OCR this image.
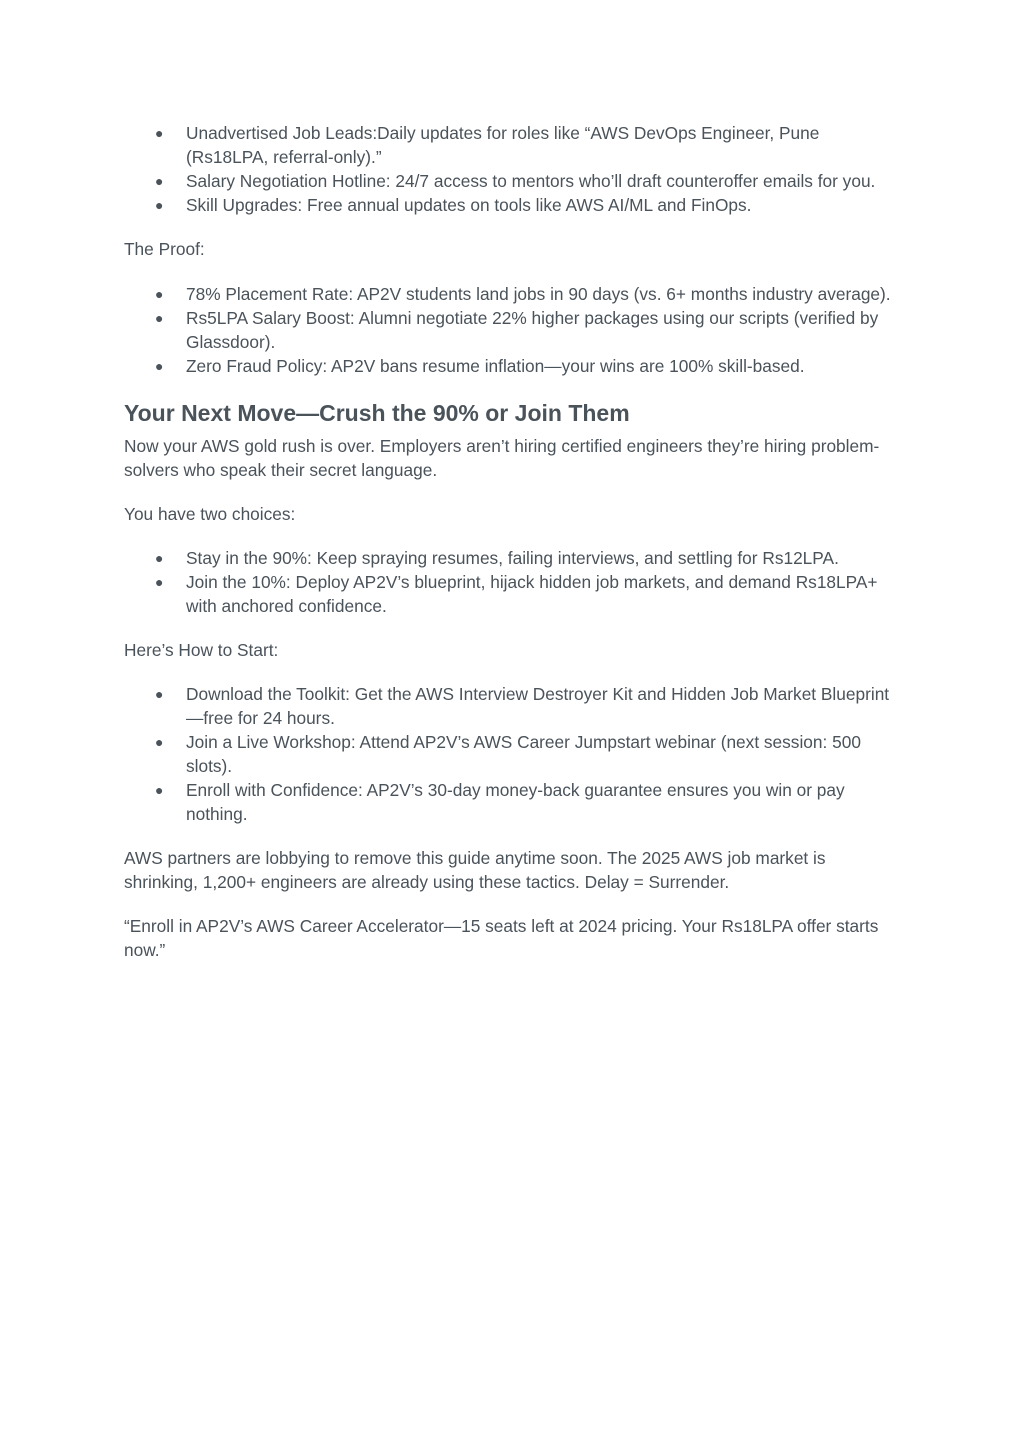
● Unadvertised Job Leads:Daily updates for roles like “AWS DevOps Engineer, Pune (Rs18LPA, referral-only).”
● Salary Negotiation Hotline: 24/7 access to mentors who’ll draft counteroffer emails for you.
● Skill Upgrades: Free annual updates on tools like AWS AI/ML and FinOps.

The Proof:

● 78% Placement Rate: AP2V students land jobs in 90 days (vs. 6+ months industry average).
● Rs5LPA Salary Boost: Alumni negotiate 22% higher packages using our scripts (verified by Glassdoor).
● Zero Fraud Policy: AP2V bans resume inflation—your wins are 100% skill-based.
Your Next Move—Crush the 90% or Join Them

Now your AWS gold rush is over. Employers aren’t hiring certified engineers they’re hiring problem-solvers who speak their secret language.

You have two choices:

● Stay in the 90%: Keep spraying resumes, failing interviews, and settling for Rs12LPA.
● Join the 10%: Deploy AP2V’s blueprint, hijack hidden job markets, and demand Rs18LPA+ with anchored confidence.

Here’s How to Start:

● Download the Toolkit: Get the AWS Interview Destroyer Kit and Hidden Job Market Blueprint—free for 24 hours.
● Join a Live Workshop: Attend AP2V’s AWS Career Jumpstart webinar (next session: 500 slots).
● Enroll with Confidence: AP2V’s 30-day money-back guarantee ensures you win or pay nothing.

AWS partners are lobbying to remove this guide anytime soon. The 2025 AWS job market is shrinking, 1,200+ engineers are already using these tactics. Delay = Surrender.

“Enroll in AP2V’s AWS Career Accelerator—15 seats left at 2024 pricing. Your Rs18LPA offer starts now.”
